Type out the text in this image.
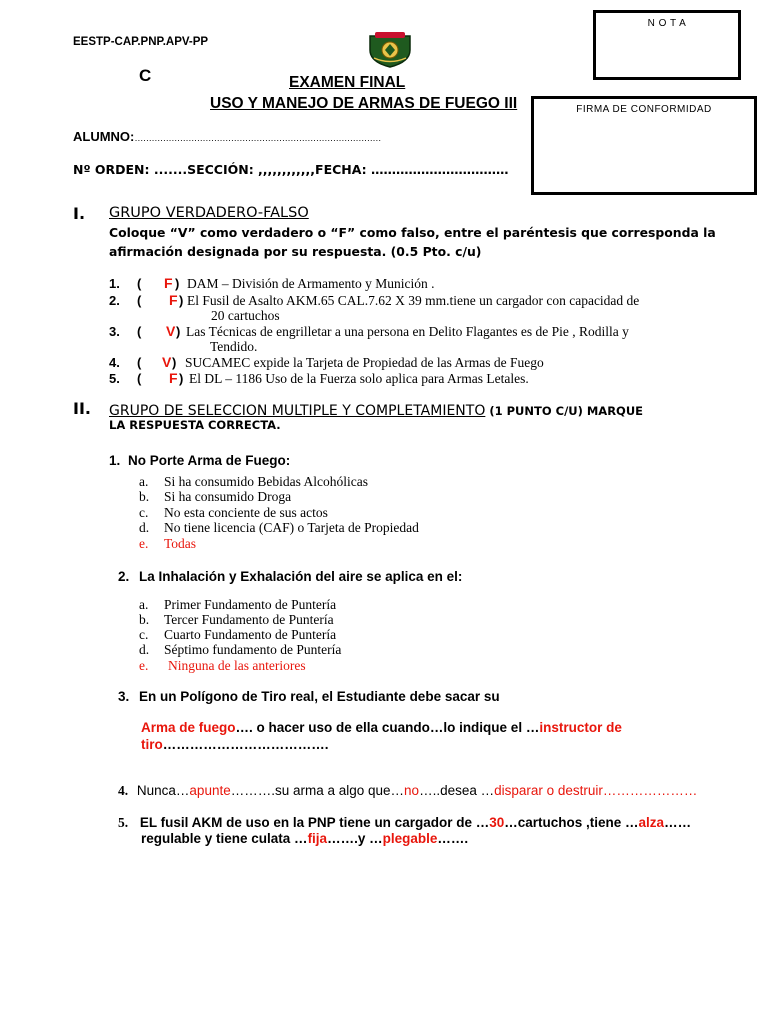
EESTP-CAP.PNP.APV-PP
C	EXAMEN FINAL
USO Y MANEJO DE ARMAS DE FUEGO III
N O T A
FIRMA DE CONFORMIDAD
ALUMNO:……………………………………………………………………………
Nº ORDEN: .......SECCIÓN: ,,,,,,,,,,,,FECHA: ……………………………
I. GRUPO VERDADERO-FALSO
Coloque “V” como verdadero o “F” como falso, entre el paréntesis que corresponda la
afirmación designada por su respuesta. (0.5 Pto. c/u)
1. ( F ) DAM – División de Armamento y Munición .
2. ( F ) El Fusil de Asalto AKM.65 CAL.7.62 X 39 mm.tiene un cargador con capacidad de
20 cartuchos
3. ( V ) Las Técnicas de engrilletar a una persona en Delito Flagantes es de Pie , Rodilla y
Tendido.
4. ( V ) SUCAMEC expide la Tarjeta de Propiedad de las Armas de Fuego
5. ( F ) El DL – 1186 Uso de la Fuerza solo aplica para Armas Letales.
II. GRUPO DE SELECCION MULTIPLE Y COMPLETAMIENTO (1 PUNTO C/U) MARQUE
LA RESPUESTA CORRECTA.
1. No Porte Arma de Fuego:
a. Si ha consumido Bebidas Alcohólicas
b. Si ha consumido Droga
c. No esta conciente de sus actos
d. No tiene licencia (CAF) o Tarjeta de Propiedad
e. Todas
2. La Inhalación y Exhalación del aire se aplica en el:
a. Primer Fundamento de Puntería
b. Tercer Fundamento de Puntería
c. Cuarto Fundamento de Puntería
d. Séptimo fundamento de Puntería
e. Ninguna de las anteriores
3. En un Polígono de Tiro real, el Estudiante debe sacar su
Arma de fuego…. o hacer uso de ella cuando…lo indique el …instructor de
tiro……………………………….
4. Nunca…apunte……….su arma a algo que…no…..desea …disparar o destruir…………………
5. EL fusil AKM de uso en la PNP tiene un cargador de …30…cartuchos ,tiene …alza……
regulable y tiene culata …fija…….y …plegable…….
